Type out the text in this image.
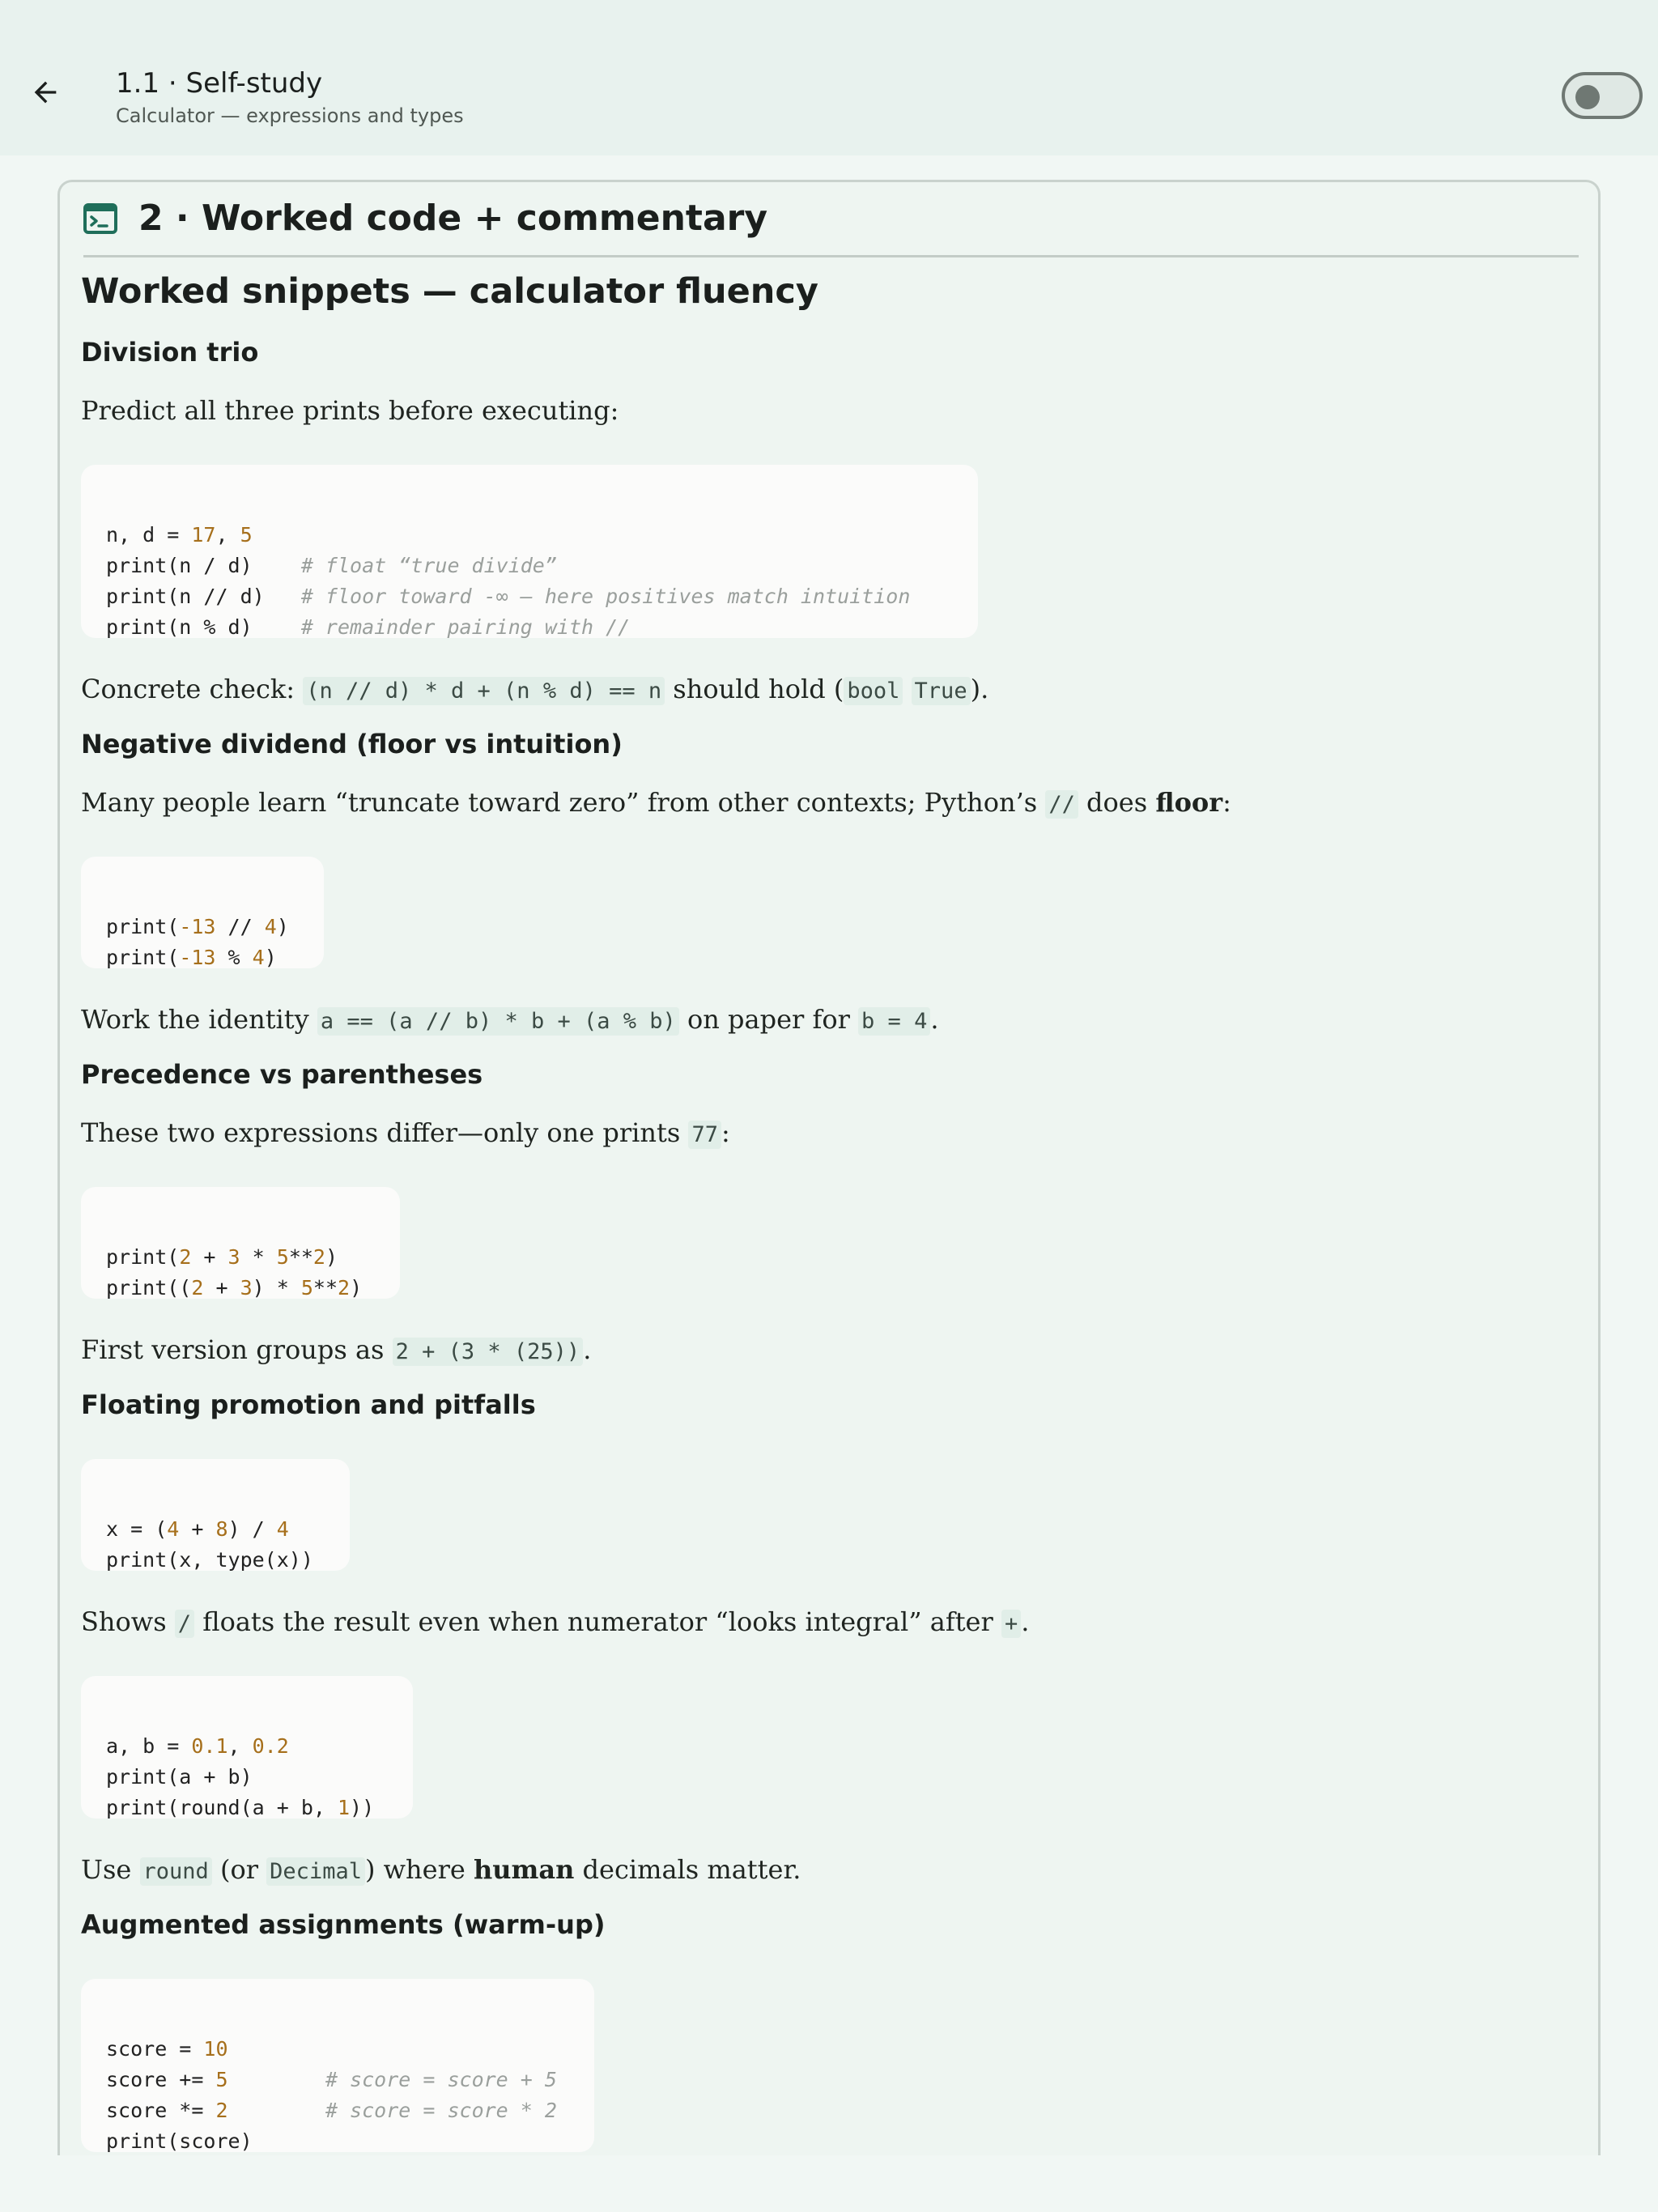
1.1 · Self-study
Calculator — expressions and types
2 · Worked code + commentary
Worked snippets — calculator fluency
Division trio
Predict all three prints before executing:

n, d = 17, 5
print(n / d)    # float “true divide”
print(n // d)   # floor toward -∞ — here positives match intuition
print(n % d)    # remainder pairing with //
Concrete check: (n // d) * d + (n % d) == n should hold ( bool True ).
Negative dividend (floor vs intuition)
Many people learn “truncate toward zero” from other contexts; Python’s // does floor:

print(-13 // 4)
print(-13 % 4)
Work the identity a == (a // b) * b + (a % b) on paper for b = 4 .
Precedence vs parentheses
These two expressions differ—only one prints 77 :

print(2 + 3 * 5**2)
print((2 + 3) * 5**2)
First version groups as 2 + (3 * (25)) .
Floating promotion and pitfalls

x = (4 + 8) / 4
print(x, type(x))
Shows / floats the result even when numerator “looks integral” after + .

a, b = 0.1, 0.2
print(a + b)
print(round(a + b, 1))
Use round (or Decimal ) where human decimals matter.
Augmented assignments (warm-up)

score = 10
score += 5	# score = score + 5
score *= 2	# score = score * 2
print(score)
